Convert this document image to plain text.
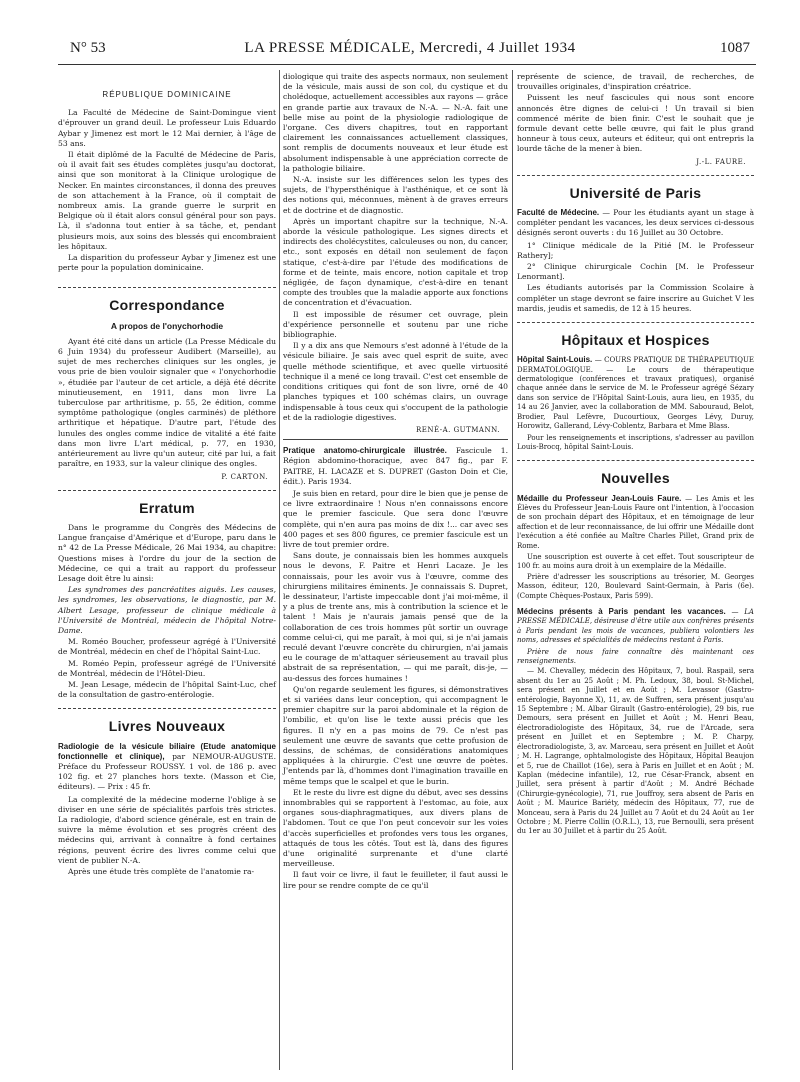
N° 53	LA PRESSE MÉDICALE, Mercredi, 4 Juillet 1934	1087
RÉPUBLIQUE DOMINICAINE

La Faculté de Médecine de Saint-Domingue vient d'éprouver un grand deuil. Le professeur Luis Eduardo Aybar y Jimenez est mort le 12 Mai dernier, à l'âge de 53 ans.

Il était diplômé de la Faculté de Médecine de Paris, où il avait fait ses études complètes jusqu'au doctorat, ainsi que son monitorat à la Clinique urologique de Necker. En maintes circonstances, il donna des preuves de son attachement à la France, où il comptait de nombreux amis. La grande guerre le surprit en Belgique où il était alors consul général pour son pays. Là, il s'adonna tout entier à sa tâche, et, pendant plusieurs mois, aux soins des blessés qui encombraient les hôpitaux.

La disparition du professeur Aybar y Jimenez est une perte pour la population dominicaine.

Correspondance
A propos de l'onychorhodie

Ayant été cité dans un article (La Presse Médicale du 6 Juin 1934) du professeur Audibert (Marseille), au sujet de mes recherches cliniques sur les ongles, je vous prie de bien vouloir signaler que « l'onychorhodie », étudiée par l'auteur de cet article, a déjà été décrite minutieusement, en 1911, dans mon livre La tuberculose par arthritisme, p. 55, 2e édition, comme symptôme pathologique (ongles carminés) de pléthore arthritique et hépatique. D'autre part, l'étude des lunules des ongles comme indice de vitalité a été faite dans mon livre L'art médical, p. 77, en 1930, antérieurement au livre qu'un auteur, cité par lui, a fait paraître, en 1933, sur la valeur clinique des ongles.

P. CARTON.
Erratum

Dans le programme du Congrès des Médecins de Langue française d'Amérique et d'Europe, paru dans le n° 42 de La Presse Médicale, 26 Mai 1934, au chapitre: Questions mises à l'ordre du jour de la section de Médecine, ce qui a trait au rapport du professeur Lesage doit être lu ainsi:

Les syndromes des pancréatites aiguës. Les causes, les syndromes, les observations, le diagnostic, par M. Albert Lesage, professeur de clinique médicale à l'Université de Montréal, médecin de l'hôpital Notre-Dame.

M. Roméo Boucher, professeur agrégé à l'Université de Montréal, médecin en chef de l'hôpital Saint-Luc.

M. Roméo Pepin, professeur agrégé de l'Université de Montréal, médecin de l'Hôtel-Dieu.

M. Jean Lesage, médecin de l'hôpital Saint-Luc, chef de la consultation de gastro-entérologie.

Livres Nouveaux

Radiologie de la vésicule biliaire (Etude anatomique fonctionnelle et clinique), par NEMOUR-AUGUSTE. Préface du Professeur ROUSSY. 1 vol. de 186 p. avec 102 fig. et 27 planches hors texte. (Masson et Cie, éditeurs). — Prix : 45 fr.

La complexité de la médecine moderne l'oblige à se diviser en une série de spécialités parfois très strictes. La radiologie, d'abord science générale, est en train de suivre la même évolution et ses progrès créent des médecins qui, arrivant à connaître à fond certaines régions, peuvent écrire des livres comme celui que vient de publier N.-A.

Après une étude très complète de l'anatomie ra-

diologique qui traite des aspects normaux, non seulement de la vésicule, mais aussi de son col, du cystique et du cholédoque, actuellement accessibles aux rayons — grâce en grande partie aux travaux de N.-A. — N.-A. fait une belle mise au point de la physiologie radiologique de l'organe. Ces divers chapitres, tout en rapportant clairement les connaissances actuellement classiques, sont remplis de documents nouveaux et leur étude est absolument indispensable à une appréciation correcte de la pathologie biliaire.

N.-A. insiste sur les différences selon les types des sujets, de l'hypersthénique à l'asthénique, et ce sont là des notions qui, méconnues, mènent à de graves erreurs et de doctrine et de diagnostic.

Après un important chapitre sur la technique, N.-A. aborde la vésicule pathologique. Les signes directs et indirects des cholécystites, calculeuses ou non, du cancer, etc., sont exposés en détail non seulement de façon statique, c'est-à-dire par l'étude des modifications de forme et de teinte, mais encore, notion capitale et trop négligée, de façon dynamique, c'est-à-dire en tenant compte des troubles que la maladie apporte aux fonctions de concentration et d'évacuation.

Il est impossible de résumer cet ouvrage, plein d'expérience personnelle et soutenu par une riche bibliographie.

Il y a dix ans que Nemours s'est adonné à l'étude de la vésicule biliaire. Je sais avec quel esprit de suite, avec quelle méthode scientifique, et avec quelle virtuosité technique il a mené ce long travail. C'est cet ensemble de conditions critiques qui font de son livre, orné de 40 planches typiques et 100 schémas clairs, un ouvrage indispensable à tous ceux qui s'occupent de la pathologie et de la radiologie digestives.

RENÉ-A. GUTMANN.

Pratique anatomo-chirurgicale illustrée. Fascicule 1. Région abdomino-thoracique, avec 847 fig., par F. PAITRE, H. LACAZE et S. DUPRET (Gaston Doin et Cie, édit.). Paris 1934.

Je suis bien en retard, pour dire le bien que je pense de ce livre extraordinaire ! Nous n'en connaissons encore que le premier fascicule. Que sera donc l'œuvre complète, qui n'en aura pas moins de dix !... car avec ses 400 pages et ses 800 figures, ce premier fascicule est un livre de tout premier ordre.

Sans doute, je connaissais bien les hommes auxquels nous le devons, F. Paitre et Henri Lacaze. Je les connaissais, pour les avoir vus à l'œuvre, comme des chirurgiens militaires éminents. Je connaissais S. Dupret, le dessinateur, l'artiste impeccable dont j'ai moi-même, il y a plus de trente ans, mis à contribution la science et le talent ! Mais je n'aurais jamais pensé que de la collaboration de ces trois hommes pût sortir un ouvrage comme celui-ci, qui me paraît, à moi qui, si je n'ai jamais reculé devant l'œuvre concrète du chirurgien, n'ai jamais eu le courage de m'attaquer sérieusement au travail plus abstrait de sa représentation, — qui me paraît, dis-je, — au-dessus des forces humaines !

Qu'on regarde seulement les figures, si démonstratives et si variées dans leur conception, qui accompagnent le premier chapitre sur la paroi abdominale et la région de l'ombilic, et qu'on lise le texte aussi précis que les figures. Il n'y en a pas moins de 79. Ce n'est pas seulement une œuvre de savants que cette profusion de dessins, de schémas, de considérations anatomiques appliquées à la chirurgie. C'est une œuvre de poètes. J'entends par là, d'hommes dont l'imagination travaille en même temps que le scalpel et que le burin.

Et le reste du livre est digne du début, avec ses dessins innombrables qui se rapportent à l'estomac, au foie, aux organes sous-diaphragmatiques, aux divers plans de l'abdomen. Tout ce que l'on peut concevoir sur les voies d'accès superficielles et profondes vers tous les organes, attaqués de tous les côtés. Tout est là, dans des figures d'une originalité surprenante et d'une clarté merveilleuse.

Il faut voir ce livre, il faut le feuilleter, il faut aussi le lire pour se rendre compte de ce qu'il

représente de science, de travail, de recherches, de trouvailles originales, d'inspiration créatrice.

Puissent les neuf fascicules qui nous sont encore annoncés être dignes de celui-ci ! Un travail si bien commencé mérite de bien finir. C'est le souhait que je formule devant cette belle œuvre, qui fait le plus grand honneur à tous ceux, auteurs et éditeur, qui ont entrepris la lourde tâche de la mener à bien.

J.-L. FAURE.
Université de Paris

Faculté de Médecine. — Pour les étudiants ayant un stage à compléter pendant les vacances, les deux services ci-dessous désignés seront ouverts : du 16 Juillet au 30 Octobre.

1° Clinique médicale de la Pitié [M. le Professeur Rathery];

2° Clinique chirurgicale Cochin [M. le Professeur Lenormant].

Les étudiants autorisés par la Commission Scolaire à compléter un stage devront se faire inscrire au Guichet V les mardis, jeudis et samedis, de 12 à 15 heures.

Hôpitaux et Hospices

Hôpital Saint-Louis. — COURS PRATIQUE DE THÉRAPEUTIQUE DERMATOLOGIQUE. — Le cours de thérapeutique dermatologique (conférences et travaux pratiques), organisé chaque année dans le service de M. le Professeur agrégé Sézary dans son service de l'Hôpital Saint-Louis, aura lieu, en 1935, du 14 au 26 Janvier, avec la collaboration de MM. Sabouraud, Belot, Brodier, Paul Lefèvre, Ducourtioux, Georges Lévy, Duruy, Horowitz, Gallerand, Lévy-Coblentz, Barbara et Mme Blass.

Pour les renseignements et inscriptions, s'adresser au pavillon Louis-Brocq, hôpital Saint-Louis.

Nouvelles

Médaille du Professeur Jean-Louis Faure. — Les Amis et les Élèves du Professeur Jean-Louis Faure ont l'intention, à l'occasion de son prochain départ des Hôpitaux, et en témoignage de leur affection et de leur reconnaissance, de lui offrir une Médaille dont l'exécution a été confiée au Maître Charles Pillet, Grand prix de Rome.

Une souscription est ouverte à cet effet. Tout souscripteur de 100 fr. au moins aura droit à un exemplaire de la Médaille.

Prière d'adresser les souscriptions au trésorier, M. Georges Masson, éditeur, 120, Boulevard Saint-Germain, à Paris (6e). (Compte Chèques-Postaux, Paris 599).

Médecins présents à Paris pendant les vacances. — LA PRESSE MÉDICALE, désireuse d'être utile aux confrères présents à Paris pendant les mois de vacances, publiera volontiers les noms, adresses et spécialités de médecins restant à Paris.

Prière de nous faire connaître dès maintenant ces renseignements.

— M. Chevalley, médecin des Hôpitaux, 7, boul. Raspail, sera absent du 1er au 25 Août ; M. Ph. Ledoux, 38, boul. St-Michel, sera présent en Juillet et en Août ; M. Levassor (Gastro-entérologie, Bayonne X), 11, av. de Suffren, sera présent jusqu'au 15 Septembre ; M. Albar Girault (Gastro-entérologie), 29 bis, rue Demours, sera présent en Juillet et Août ; M. Henri Beau, électroradiologiste des Hôpitaux, 34, rue de l'Arcade, sera présent en Juillet et en Septembre ; M. P. Charpy, électroradiologiste, 3, av. Marceau, sera présent en Juillet et Août ; M. H. Lagrange, ophtalmologiste des Hôpitaux, Hôpital Beaujon et 5, rue de Chaillot (16e), sera à Paris en Juillet et en Août ; M. Kaplan (médecine infantile), 12, rue César-Franck, absent en Juillet, sera présent à partir d'Août ; M. André Béchade (Chirurgie-gynécologie), 71, rue Jouffroy, sera absent de Paris en Août ; M. Maurice Bariéty, médecin des Hôpitaux, 77, rue de Monceau, sera à Paris du 24 Juillet au 7 Août et du 24 Août au 1er Octobre ; M. Pierre Collin (O.R.L.), 13, rue Bernoulli, sera présent du 1er au 30 Juillet et à partir du 25 Août.
